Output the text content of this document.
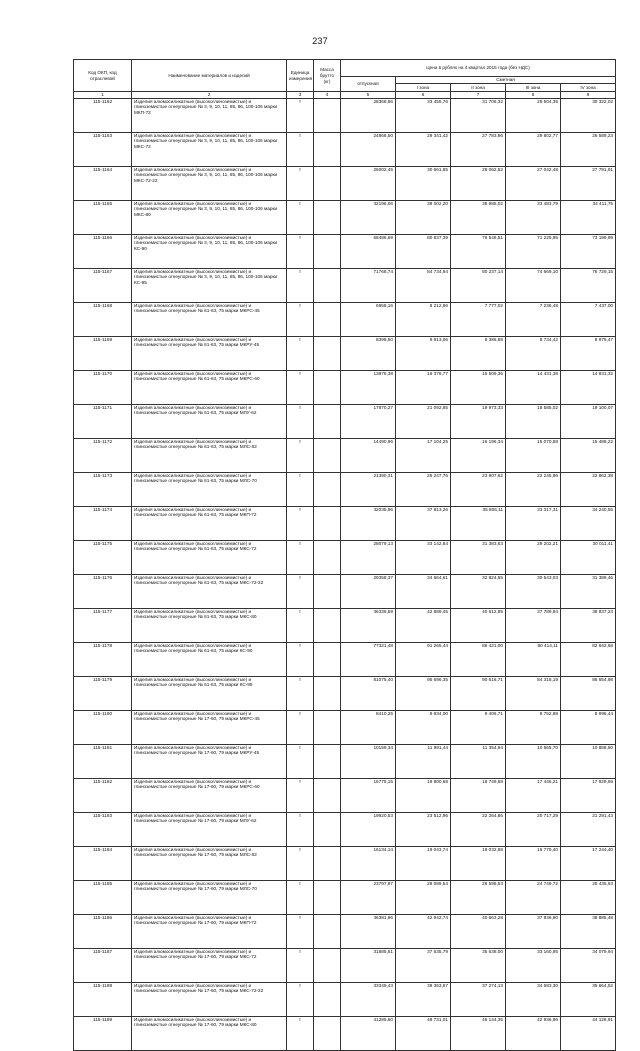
237
Код ОКП, код отраслевой	Наименование материалов и изделий	Единица измерения	Масса брутто (кг)	Цена в рублях на 4 квартал 2015 года (без НДС)				
				отпускная	Сметная			
					I зона	II зона	III зона	IV зона
1	2	3	4	5	6	7	8	9
115-1162	Изделия алюмосиликатные (высокоглиноземистые) и глиноземистые огнеупорные № 3, 9, 10, 11, 85, 86, 100-106 марки МКП-72	т		28368,86	33 455,76	31 706,32	29 504,35	30 322,02
115-1163	Изделия алюмосиликатные (высокоглиноземистые) и глиноземистые огнеупорные № 3, 9, 10, 11, 85, 86, 100-106 марки МКС-72	т		24868,50	29 341,42	27 783,96	29 802,77	26 589,23
115-1164	Изделия алюмосиликатные (высокоглиноземистые) и глиноземистые огнеупорные № 3, 9, 10, 11, 85, 86, 100-106 марки МКС-72-22	т		26002,45	30 661,85	29 062,52	27 042,48	27 791,91
115-1165	Изделия алюмосиликатные (высокоглиноземистые) и глиноземистые огнеупорные № 3, 9, 10, 11, 85, 86, 100-106 марки МКС-80	т		32196,06	38 002,20	35 985,02	33 483,79	34 411,75
115-1166	Изделия алюмосиликатные (высокоглиноземистые) и глиноземистые огнеупорные № 3, 9, 10, 11, 85, 86, 100-106 марки КС-90	т		68486,69	80 837,39	76 546,51	71 225,95	73 199,89
115-1167	Изделия алюмосиликатные (высокоглиноземистые) и глиноземистые огнеупорные № 3, 9, 10, 11, 85, 86, 100-106 марки КС-95	т		71768,74	84 734,94	80 237,14	74 669,10	76 729,15
115-1168	Изделия алюмосиликатные (высокоглиноземистые) и глиноземистые огнеупорные № 61-63, 75 марки МКРС-45	т		6958,16	8 212,96	7 777,02	7 236,48	7 437,00
115-1169	Изделия алюмосиликатные (высокоглиноземистые) и глиноземистые огнеупорные № 61-63, 75 марки МКРУ-45	т		8398,50	9 913,06	9 386,88	8 734,42	8 976,47
115-1170	Изделия алюмосиликатные (высокоглиноземистые) и глиноземистые огнеупорные № 61-63, 75 марки МКРС-60	т		13876,38	16 378,77	15 509,36	14 431,38	14 831,32
115-1171	Изделия алюмосиликатные (высокоглиноземистые) и глиноземистые огнеупорные № 61-63, 75 марки МЛУ-62	т		17870,27	21 092,85	19 973,33	18 585,02	19 100,07
115-1172	Изделия алюмосиликатные (высокоглиноземистые) и глиноземистые огнеупорные № 61-63, 75 марки МЛС-62	т		14490,96	17 104,25	16 196,34	15 070,58	15 488,22
115-1173	Изделия алюмосиликатные (высокоглиноземистые) и глиноземистые огнеупорные № 61-63, 75 марки МЛС-70	т		21390,31	25 247,76	23 907,62	22 245,96	22 862,38
115-1174	Изделия алюмосиликатные (высокоглиноземистые) и глиноземистые огнеупорные № 61-63, 75 марки МКП-72	т		32035,96	37 813,26	35 806,11	33 317,31	34 240,55
115-1175	Изделия алюмосиликатные (высокоглиноземистые) и глиноземистые огнеупорные № 61-63, 75 марки МКС-72	т		28079,13	33 142,64	31 383,63	29 202,21	30 011,41
115-1176	Изделия алюмосиликатные (высокоглиноземистые) и глиноземистые огнеупорные № 61-63, 75 марки МКС-72-22	т		29358,37	34 664,61	32 824,55	30 543,03	31 389,46
115-1177	Изделия алюмосиликатные (высокоглиноземистые) и глиноземистые огнеупорные № 61-63, 75 марки МКС-80	т		36336,59	42 889,45	40 612,85	37 789,94	38 837,23
115-1178	Изделия алюмосиликатные (высокоглиноземистые) и глиноземистые огнеупорные № 61-63, 75 марки КС-90	т		77321,48	91 265,44	86 421,00	80 414,11	82 642,68
115-1179	Изделия алюмосиликатные (высокоглиноземистые) и глиноземистые огнеупорные № 61-63, 75 марки КС-95	т		81075,40	95 696,35	90 616,71	84 318,19	86 654,98
115-1180	Изделия алюмосиликатные (высокоглиноземистые) и глиноземистые огнеупорные № 17-60, 79 марки МКРС-45	т		8410,25	9 934,00	9 406,71	8 752,88	8 995,44
115-1181	Изделия алюмосиликатные (высокоглиноземистые) и глиноземистые огнеупорные № 17-60, 79 марки МКРУ-45	т		10159,34	11 991,44	11 354,94	10 565,70	10 858,50
115-1182	Изделия алюмосиликатные (высокоглиноземистые) и глиноземистые огнеупорные № 17-60, 79 марки МКРС-60	т		16775,15	19 800,68	18 749,68	17 446,21	17 929,69
115-1183	Изделия алюмосиликатные (высокоглиноземистые) и глиноземистые огнеупорные № 17-60, 79 марки МЛУ-62	т		19920,53	23 512,96	22 264,86	20 717,29	21 291,43
115-1184	Изделия алюмосиликатные (высокоглиноземистые) и глиноземистые огнеупорные № 17-60, 79 марки МЛС-62	т		16134,14	19 043,74	18 032,88	16 779,40	17 244,40
115-1185	Изделия алюмосиликатные (высокоглиноземистые) и глиноземистые огнеупорные № 17-60, 79 марки МЛС-70	т		23797,97	28 089,54	26 598,53	24 749,72	25 435,63
115-1186	Изделия алюмосиликатные (высокоглиноземистые) и глиноземистые огнеупорные № 17-60, 79 марки МКП-72	т		36381,96	42 942,74	40 663,28	37 836,90	38 885,48
115-1187	Изделия алюмосиликатные (высокоглиноземистые) и глиноземистые огнеупорные № 17-60, 79 марки МКС-72	т		31885,61	37 635,79	35 638,00	33 160,95	34 079,94
115-1188	Изделия алюмосиликатные (высокоглиноземистые) и глиноземистые огнеупорные № 17-60, 79 марки МКС-72-22	т		33349,43	39 363,57	37 274,13	34 683,30	35 664,52
115-1189	Изделия алюмосиликатные (высокоглиноземистые) и глиноземистые огнеупорные № 17-60, 79 марки МКС-80	т		41285,60	48 731,01	46 144,35	42 936,96	44 126,91
